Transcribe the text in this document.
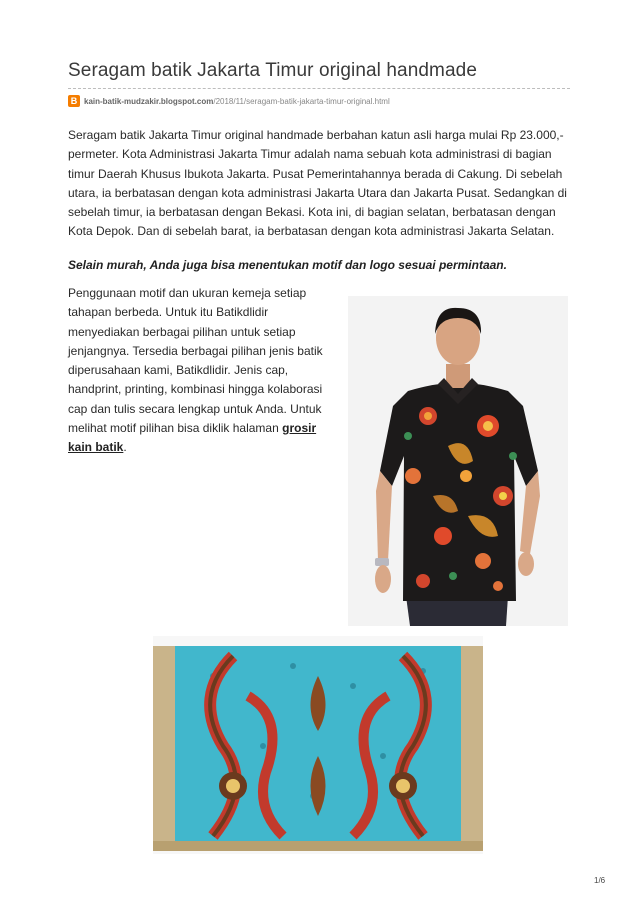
Seragam batik Jakarta Timur original handmade
B kain-batik-mudzakir.blogspot.com/2018/11/seragam-batik-jakarta-timur-original.html

Seragam batik Jakarta Timur original handmade berbahan katun asli harga mulai Rp 23.000,- permeter. Kota Administrasi Jakarta Timur adalah nama sebuah kota administrasi di bagian timur Daerah Khusus Ibukota Jakarta. Pusat Pemerintahannya berada di Cakung. Di sebelah utara, ia berbatasan dengan kota administrasi Jakarta Utara dan Jakarta Pusat. Sedangkan di sebelah timur, ia berbatasan dengan Bekasi. Kota ini, di bagian selatan, berbatasan dengan Kota Depok. Dan di sebelah barat, ia berbatasan dengan kota administrasi Jakarta Selatan.

Selain murah, Anda juga bisa menentukan motif dan logo sesuai permintaan.

Penggunaan motif dan ukuran kemeja setiap tahapan berbeda. Untuk itu Batikdlidir menyediakan berbagai pilihan untuk setiap jenjangnya. Tersedia berbagai pilihan jenis batik diperusahaan kami, Batikdlidir. Jenis cap, handprint, printing, kombinasi hingga kolaborasi cap dan tulis secara lengkap untuk Anda. Untuk melihat motif pilihan bisa diklik halaman grosir kain batik.

1/6
